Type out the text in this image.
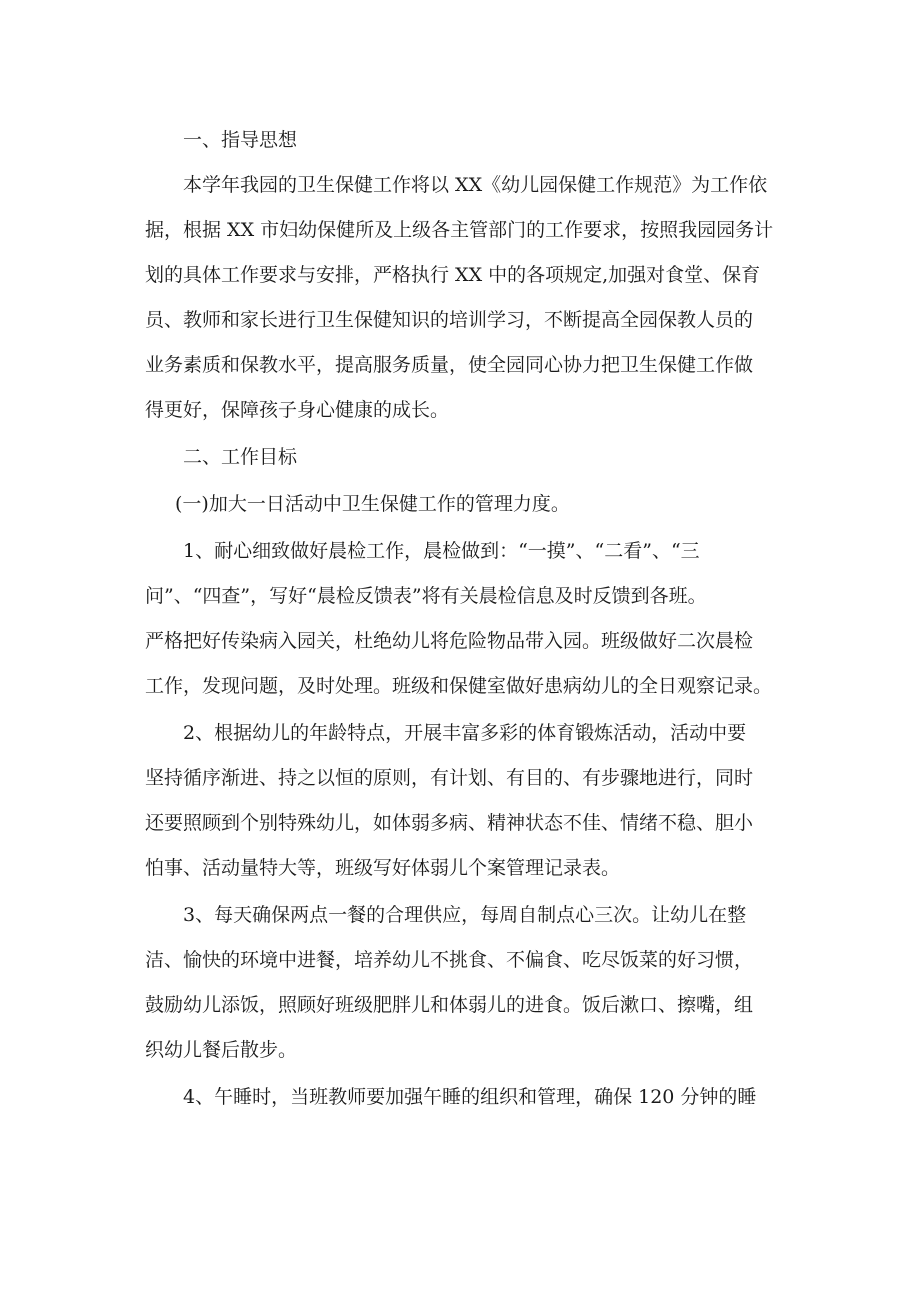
一、指导思想

本学年我园的卫生保健工作将以 XX《幼儿园保健工作规范》为工作依
据，根据 XX 市妇幼保健所及上级各主管部门的工作要求，按照我园园务计
划的具体工作要求与安排，严格执行 XX 中的各项规定,加强对食堂、保育
员、教师和家长进行卫生保健知识的培训学习，不断提高全园保教人员的
业务素质和保教水平，提高服务质量，使全园同心协力把卫生保健工作做
得更好，保障孩子身心健康的成长。

二、工作目标

(一)加大一日活动中卫生保健工作的管理力度。

1、耐心细致做好晨检工作，晨检做到：“一摸”、“二看”、“三
问”、“四查”，写好“晨检反馈表”将有关晨检信息及时反馈到各班。
严格把好传染病入园关，杜绝幼儿将危险物品带入园。班级做好二次晨检
工作，发现问题，及时处理。班级和保健室做好患病幼儿的全日观察记录。
2、根据幼儿的年龄特点，开展丰富多彩的体育锻炼活动，活动中要
坚持循序渐进、持之以恒的原则，有计划、有目的、有步骤地进行，同时
还要照顾到个别特殊幼儿，如体弱多病、精神状态不佳、情绪不稳、胆小
怕事、活动量特大等，班级写好体弱儿个案管理记录表。
3、每天确保两点一餐的合理供应，每周自制点心三次。让幼儿在整
洁、愉快的环境中进餐，培养幼儿不挑食、不偏食、吃尽饭菜的好习惯，
鼓励幼儿添饭，照顾好班级肥胖儿和体弱儿的进食。饭后漱口、擦嘴，组
织幼儿餐后散步。
4、午睡时，当班教师要加强午睡的组织和管理，确保 120 分钟的睡
